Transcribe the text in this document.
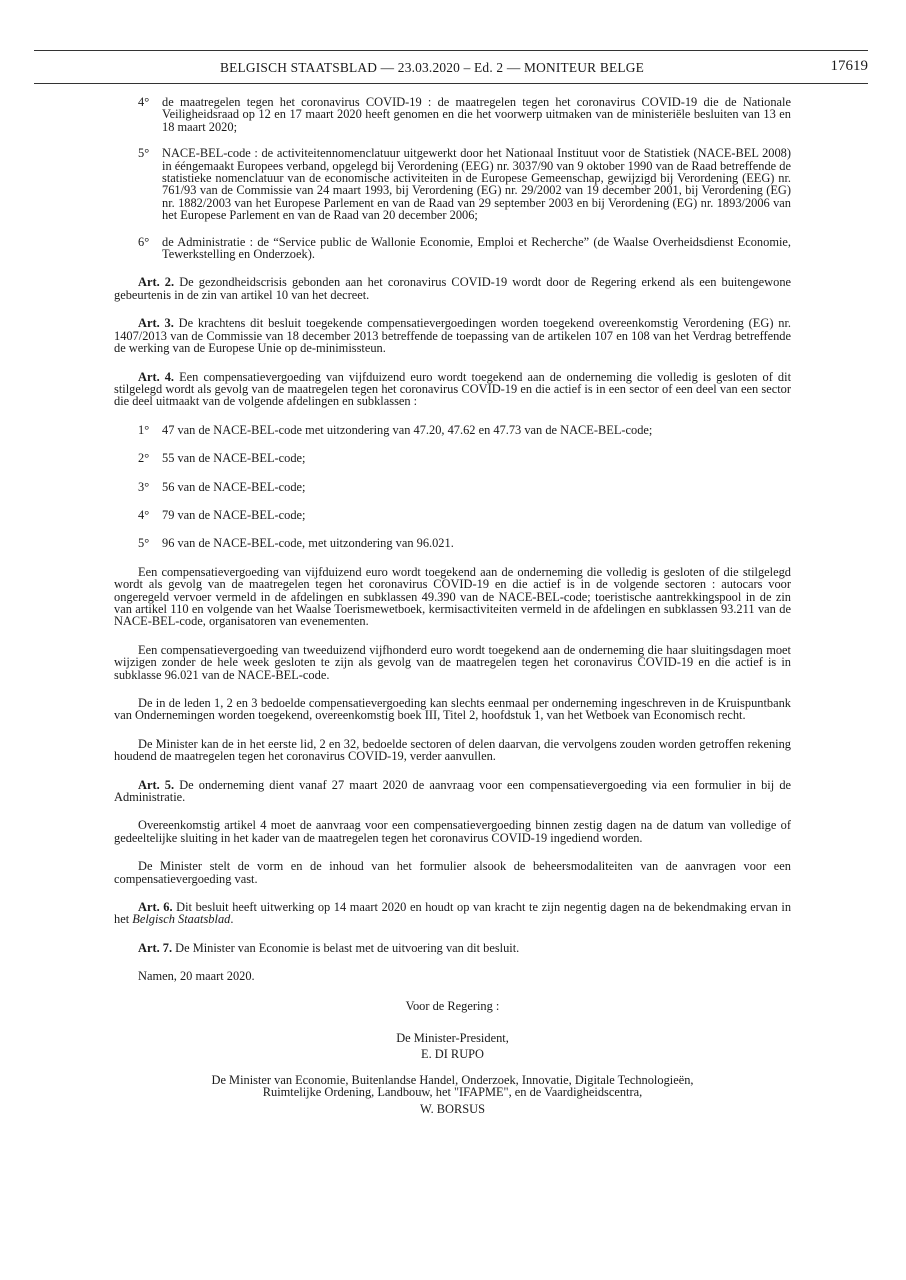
BELGISCH STAATSBLAD — 23.03.2020 – Ed. 2 — MONITEUR BELGE	17619
4°	de maatregelen tegen het coronavirus COVID-19 : de maatregelen tegen het coronavirus COVID-19 die de Nationale Veiligheidsraad op 12 en 17 maart 2020 heeft genomen en die het voorwerp uitmaken van de ministeriële besluiten van 13 en 18 maart 2020;
5°	NACE-BEL-code : de activiteitennomenclatuur uitgewerkt door het Nationaal Instituut voor de Statistiek (NACE-BEL 2008) in ééngemaakt Europees verband, opgelegd bij Verordening (EEG) nr. 3037/90 van 9 oktober 1990 van de Raad betreffende de statistieke nomenclatuur van de economische activiteiten in de Europese Gemeenschap, gewijzigd bij Verordening (EEG) nr. 761/93 van de Commissie van 24 maart 1993, bij Verordening (EG) nr. 29/2002 van 19 december 2001, bij Verordening (EG) nr. 1882/2003 van het Europese Parlement en van de Raad van 29 september 2003 en bij Verordening (EG) nr. 1893/2006 van het Europese Parlement en van de Raad van 20 december 2006;
6°	de Administratie : de “Service public de Wallonie Economie, Emploi et Recherche” (de Waalse Overheidsdienst Economie, Tewerkstelling en Onderzoek).

Art. 2. De gezondheidscrisis gebonden aan het coronavirus COVID-19 wordt door de Regering erkend als een buitengewone gebeurtenis in de zin van artikel 10 van het decreet.

Art. 3. De krachtens dit besluit toegekende compensatievergoedingen worden toegekend overeenkomstig Verordening (EG) nr. 1407/2013 van de Commissie van 18 december 2013 betreffende de toepassing van de artikelen 107 en 108 van het Verdrag betreffende de werking van de Europese Unie op de-minimissteun.

Art. 4. Een compensatievergoeding van vijfduizend euro wordt toegekend aan de onderneming die volledig is gesloten of dit stilgelegd wordt als gevolg van de maatregelen tegen het coronavirus COVID-19 en die actief is in een sector of een deel van een sector die deel uitmaakt van de volgende afdelingen en subklassen :

1°	47 van de NACE-BEL-code met uitzondering van 47.20, 47.62 en 47.73 van de NACE-BEL-code;
2°	55 van de NACE-BEL-code;
3°	56 van de NACE-BEL-code;
4°	79 van de NACE-BEL-code;
5°	96 van de NACE-BEL-code, met uitzondering van 96.021.

Een compensatievergoeding van vijfduizend euro wordt toegekend aan de onderneming die volledig is gesloten of die stilgelegd wordt als gevolg van de maatregelen tegen het coronavirus COVID-19 en die actief is in de volgende sectoren : autocars voor ongeregeld vervoer vermeld in de afdelingen en subklassen 49.390 van de NACE-BEL-code; toeristische aantrekkingspool in de zin van artikel 110 en volgende van het Waalse Toerismewetboek, kermisactiviteiten vermeld in de afdelingen en subklassen 93.211 van de NACE-BEL-code, organisatoren van evenementen.

Een compensatievergoeding van tweeduizend vijfhonderd euro wordt toegekend aan de onderneming die haar sluitingsdagen moet wijzigen zonder de hele week gesloten te zijn als gevolg van de maatregelen tegen het coronavirus COVID-19 en die actief is in subklasse 96.021 van de NACE-BEL-code.

De in de leden 1, 2 en 3 bedoelde compensatievergoeding kan slechts eenmaal per onderneming ingeschreven in de Kruispuntbank van Ondernemingen worden toegekend, overeenkomstig boek III, Titel 2, hoofdstuk 1, van het Wetboek van Economisch recht.

De Minister kan de in het eerste lid, 2 en 32, bedoelde sectoren of delen daarvan, die vervolgens zouden worden getroffen rekening houdend de maatregelen tegen het coronavirus COVID-19, verder aanvullen.

Art. 5. De onderneming dient vanaf 27 maart 2020 de aanvraag voor een compensatievergoeding via een formulier in bij de Administratie.

Overeenkomstig artikel 4 moet de aanvraag voor een compensatievergoeding binnen zestig dagen na de datum van volledige of gedeeltelijke sluiting in het kader van de maatregelen tegen het coronavirus COVID-19 ingediend worden.

De Minister stelt de vorm en de inhoud van het formulier alsook de beheersmodaliteiten van de aanvragen voor een compensatievergoeding vast.

Art. 6. Dit besluit heeft uitwerking op 14 maart 2020 en houdt op van kracht te zijn negentig dagen na de bekendmaking ervan in het Belgisch Staatsblad.

Art. 7. De Minister van Economie is belast met de uitvoering van dit besluit.

Namen, 20 maart 2020.

Voor de Regering :

De Minister-President,

E. DI RUPO

De Minister van Economie, Buitenlandse Handel, Onderzoek, Innovatie, Digitale Technologieën,

Ruimtelijke Ordening, Landbouw, het "IFAPME", en de Vaardigheidscentra,

W. BORSUS
